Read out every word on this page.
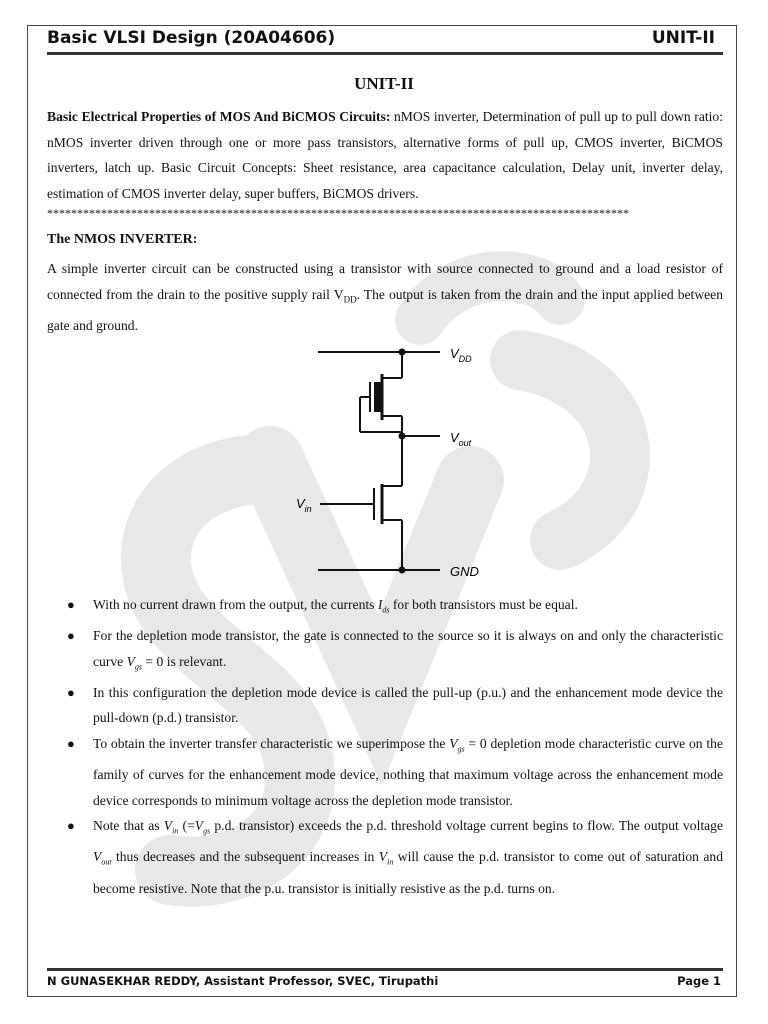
Basic VLSI Design (20A04606)	UNIT-II
UNIT-II
Basic Electrical Properties of MOS And BiCMOS Circuits: nMOS inverter, Determination of pull up to pull down ratio: nMOS inverter driven through one or more pass transistors, alternative forms of pull up, CMOS inverter, BiCMOS inverters, latch up. Basic Circuit Concepts: Sheet resistance, area capacitance calculation, Delay unit, inverter delay, estimation of CMOS inverter delay, super buffers, BiCMOS drivers.
*************************************************************************************************
The NMOS INVERTER:
A simple inverter circuit can be constructed using a transistor with source connected to ground and a load resistor of connected from the drain to the positive supply rail $V_{DD}$. The output is taken from the drain and the input applied between gate and ground.
$V_{DD}$
$V_{out}$
$V_{in}$
GND
● With no current drawn from the output, the currents $I_{ds}$ for both transistors must be equal.
● For the depletion mode transistor, the gate is connected to the source so it is always on and only the characteristic curve $V_{gs} = 0$ is relevant.
● In this configuration the depletion mode device is called the pull-up (p.u.) and the enhancement mode device the pull-down (p.d.) transistor.
● To obtain the inverter transfer characteristic we superimpose the $V_{gs} = 0$ depletion mode characteristic curve on the family of curves for the enhancement mode device, nothing that maximum voltage across the enhancement mode device corresponds to minimum voltage across the depletion mode transistor.
● Note that as $V_{in}$ ($=V_{gs}$ p.d. transistor) exceeds the p.d. threshold voltage current begins to flow. The output voltage $V_{out}$ thus decreases and the subsequent increases in $V_{in}$ will cause the p.d. transistor to come out of saturation and become resistive. Note that the p.u. transistor is initially resistive as the p.d. turns on.
N GUNASEKHAR REDDY, Assistant Professor, SVEC, Tirupathi	Page 1
